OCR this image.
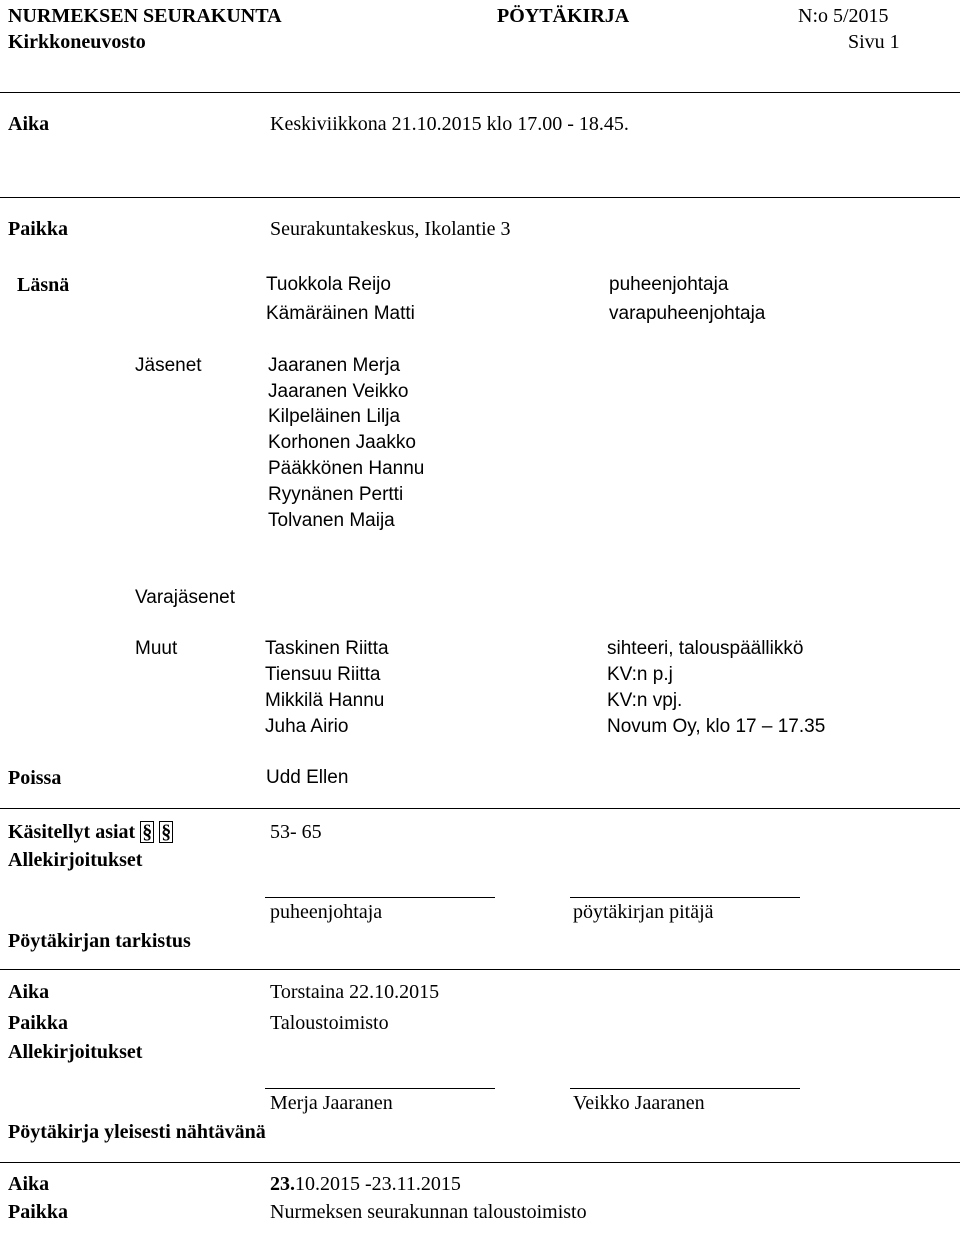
NURMEKSEN SEURAKUNTA	PÖYTÄKIRJA	N:o 5/2015
Kirkkoneuvosto	Sivu 1
Aika	Keskiviikkona 21.10.2015 klo 17.00 - 18.45.
Paikka	Seurakuntakeskus, Ikolantie 3
Läsnä	Tuokkola Reijo	puheenjohtaja
Kämäräinen Matti	varapuheenjohtaja
Jäsenet	Jaaranen Merja
Jaaranen Veikko
Kilpeläinen Lilja
Korhonen Jaakko
Pääkkönen Hannu
Ryynänen Pertti
Tolvanen Maija
Varajäsenet
Muut	Taskinen Riitta	sihteeri, talouspäällikkö
Tiensuu Riitta	KV:n p.j
Mikkilä Hannu	KV:n vpj.
Juha Airio	Novum Oy, klo 17 – 17.35
Poissa	Udd Ellen
Käsitellyt asiat § §	53- 65
Allekirjoitukset
puheenjohtaja	pöytäkirjan pitäjä
Pöytäkirjan tarkistus
Aika	Torstaina 22.10.2015
Paikka	Taloustoimisto
Allekirjoitukset
Merja Jaaranen	Veikko Jaaranen
Pöytäkirja yleisesti nähtävänä
Aika	23.10.2015 -23.11.2015
Paikka	Nurmeksen seurakunnan taloustoimisto
